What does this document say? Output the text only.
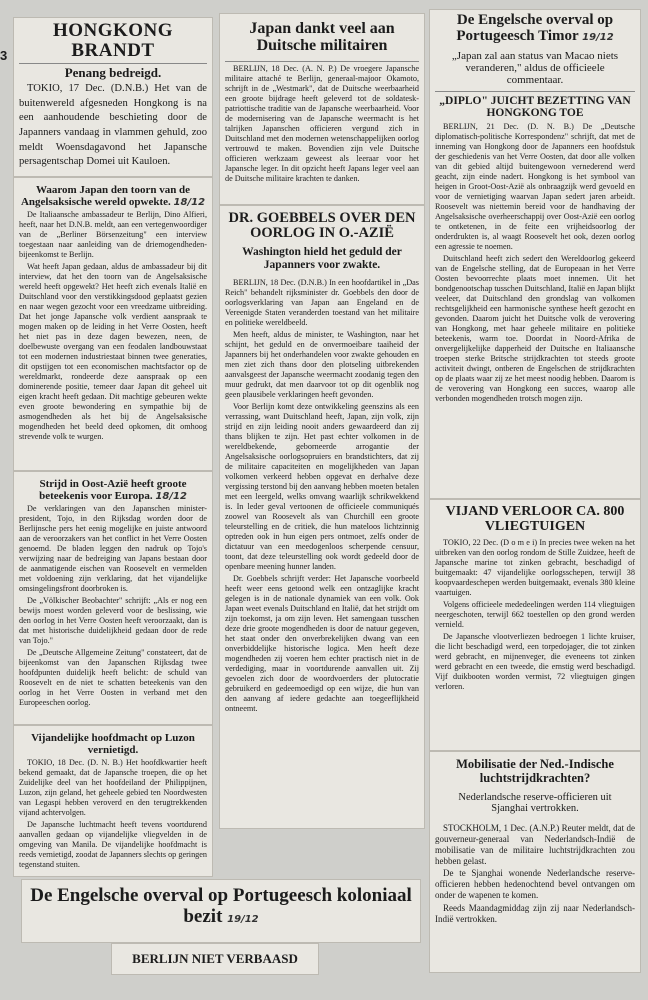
3
HONGKONG BRANDT
Penang bedreigd.

TOKIO, 17 Dec. (D.N.B.) Het van de buitenwereld afgesneden Hongkong is na een aanhoudende beschieting door de Japanners vandaag in vlammen gehuld, zoo meldt Woensdagavond het Japansche persagentschap Domei uit Kauloen.

Waarom Japan den toorn van de Angelsaksische wereld opwekte. 18/12

De Italiaansche ambassadeur te Berlijn, Dino Alfieri, heeft, naar het D.N.B. meldt, aan een vertegenwoordiger van de „Berliner Börsenzeitung" een interview toegestaan naar aanleiding van de driemogendheden-bijeenkomst te Berlijn.

Wat heeft Japan gedaan, aldus de ambassadeur bij dit interview, dat het den toorn van de Angelsaksische wereld heeft opgewekt? Het heeft zich evenals Italië en Duitschland voor den verstikkingsdood geplaatst gezien en naar wegen gezocht voor een vreedzame uitbreiding. Dat het jonge Japansche volk verdient aanspraak te mogen maken op de leiding in het Verre Oosten, heeft het niet pas in deze dagen bewezen, neen, de doelbewuste overgang van een feodalen landbouwstaat tot een modernen industriestaat binnen twee generaties, dit opstijgen tot een economischen machtsfactor op de wereldmarkt, rondeerde deze aanspraak op een dominerende positie, temeer daar Japan dit geheel uit eigen kracht heeft gedaan. Dit machtige gebeuren wekte even groote bewondering en sympathie bij de asmogendheden als het bij de Angelsaksische mogendheden het beeld deed opkomen, dit omhoog strevende volk te wurgen.

Strijd in Oost-Azië heeft groote beteekenis voor Europa. 18/12

De verklaringen van den Japanschen minister-president, Tojo, in den Rijksdag worden door de Berlijnsche pers het eenig mogelijke en juiste antwoord aan de veroorzakers van het conflict in het Verre Oosten genoemd. De bladen leggen den nadruk op Tojo's verwijzing naar de bedreiging van Japans bestaan door de aanmatigende eischen van Roosevelt en vermelden met voldoening zijn verklaring, dat het vijandelijke omsingelingsfront doorbroken is.

De „Völkischer Beobachter" schrijft: „Als er nog een bewijs moest worden geleverd voor de beslissing, wie den oorlog in het Verre Oosten heeft veroorzaakt, dan is dat met historische duidelijkheid gedaan door de rede van Tojo."

De „Deutsche Allgemeine Zeitung" constateert, dat de bijeenkomst van den Japanschen Rijksdag twee hoofdpunten duidelijk heeft belicht: de schuld van Roosevelt en de niet te schatten beteekenis van den oorlog in het Verre Oosten in verband met den Europeeschen oorlog.

Vijandelijke hoofdmacht op Luzon vernietigd.

TOKIO, 18 Dec. (D. N. B.) Het hoofdkwartier heeft bekend gemaakt, dat de Japansche troepen, die op het Zuidelijke deel van het hoofdeiland der Philippijnen, Luzon, zijn geland, het geheele gebied ten Noordwesten van Legaspi hebben veroverd en den terugtrekkenden vijand achtervolgen.

De Japansche luchtmacht heeft tevens voortdurend aanvallen gedaan op vijandelijke vliegvelden in de omgeving van Manila. De vijandelijke hoofdmacht is reeds vernietigd, zoodat de Japanners slechts op geringen tegenstand stuiten.

Japan dankt veel aan Duitsche militairen

BERLIJN, 18 Dec. (A. N. P.) De vroegere Japansche militaire attaché te Berlijn, generaal-majoor Okamoto, schrijft in de „Westmark", dat de Duitsche weerbaarheid een groote bijdrage heeft geleverd tot de soldatesk-patriottische traditie van de Japansche weerbaarheid. Voor de modernisering van de Japansche weermacht is het talrijken Japanschen officieren vergund zich in Duitschland met den modernen wetenschappelijken oorlog vertrouwd te maken. Bovendien zijn vele Duitsche officieren werkzaam geweest als leeraar voor het Japansche leger. In dit opzicht heeft Japans leger veel aan de Duitsche militaire krachten te danken.

DR. GOEBBELS OVER DEN OORLOG IN O.-AZIË
Washington hield het geduld der Japanners voor zwakte.

BERLIJN, 18 Dec. (D.N.B.) In een hoofdartikel in „Das Reich" behandelt rijksminister dr. Goebbels den door de oorlogsverklaring van Japan aan Engeland en de Vereenigde Staten veranderden toestand van het militaire en politieke wereldbeeld.

Men heeft, aldus de minister, te Washington, naar het schijnt, het geduld en de onvermoeibare taaiheid der Japanners bij het onderhandelen voor zwakte gehouden en men ziet zich thans door den plotseling uitbrekenden aanvalsgeest der Japansche weermacht zoodanig tegen den muur gedrukt, dat men daarvoor tot op dit ogenblik nog geen plausibele verklaringen heeft gevonden.

Voor Berlijn komt deze ontwikkeling geenszins als een verrassing, want Duitschland heeft, Japan, zijn volk, zijn strijd en zijn leiding nooit anders gewaardeerd dan zij thans blijken te zijn. Het past echter volkomen in de wereldbekende, geborneerde arrogantie der Angelsaksische oorlogsopruiers en brandstichters, dat zij de militaire capaciteiten en mogelijkheden van Japan volkomen verkeerd hebben opgevat en derhalve deze vergissing terstond bij den aanvang hebben moeten betalen met een leergeld, welks omvang waarlijk schrikwekkend is. In leder geval vertoonen de officieele communiqués zoowel van Roosevelt als van Churchill een groote teleurstelling en de critiek, die hun mateloos lichtzinnig optreden ook in hun eigen pers ontmoet, zelfs onder de dictatuur van een meedogenloos scherpende censuur, toont, dat deze teleurstelling ook wordt gedeeld door de openbare meening hunner landen.

Dr. Goebbels schrijft verder: Het Japansche voorbeeld heeft weer eens getoond welk een ontzaglijke kracht gelegen is in de nationale dynamiek van een volk. Ook Japan weet evenals Duitschland en Italië, dat het strijdt om zijn toekomst, ja om zijn leven. Het samengaan tusschen deze drie groote mogendheden is door de natuur gegeven, het staat onder den onverbrekelijken dwang van een onverbiddelijke historische logica. Men heeft deze mogendheden zij voeren hem echter practisch niet in de verdediging, maar in voortdurende aanvallen uit. Zij gevoelen zich door de woordvoerders der plutocratie gebruikerd en gedeemoedigd op een wijze, die hun van den aanvang af iedere gedachte aan toegeeflijkheid ontneemt.

De Engelsche overval op Portugeesch Timor 19/12
„Japan zal aan status van Macao niets veranderen," aldus de officieele commentaar.
„DIPLO" JUICHT BEZETTING VAN HONGKONG TOE

BERLIJN, 21 Dec. (D. N. B.) De „Deutsche diplomatisch-politische Korrespondenz" schrijft, dat met de inneming van Hongkong door de Japanners een hoofdstuk der geschiedenis van het Verre Oosten, dat door alle volken van dit gebied altijd buitengewoon vernederend werd geacht, zijn einde nadert. Hongkong is het symbool van heigen in Groot-Oost-Azië als onbraagzijk werd gevoeld en voor de vernietiging waarvan Japan sedert jaren arbeidt. Roosevelt was niettemin bereid voor de handhaving der Angelsaksische overheerschappij over Oost-Azië een oorlog te ontketenen, in de feite een vrijheidsoorlog der onderdrukten is, al waagt Roosevelt het ook, dezen oorlog een agressie te noemen.

Duitschland heeft zich sedert den Wereldoorlog gekeerd van de Engelsche stelling, dat de Europeaan in het Verre Oosten bevoorrechte plaats moet innemen. Uit het bondgenootschap tusschen Duitschland, Italië en Japan blijkt veeleer, dat Duitschland den grondslag van volkomen rechtsgelijkheid een harmonische synthese heeft gezocht en gevonden. Daarom juicht het Duitsche volk de verovering van Hongkong, met haar geheele militaire en politieke beteekenis, warm toe. Doordat in Noord-Afrika de onvergelijkelijke dapperheid der Duitsche en Italiaansche troepen sterke Britsche strijdkrachten tot steeds groote activiteit dwingt, ontberen de Engelschen de strijdkrachten op de plaats waar zij ze het meest noodig hebben. Daarom is de verovering van Hongkong een succes, waarop alle verbonden mogendheden trotsch mogen zijn.

VIJAND VERLOOR CA. 800 VLIEGTUIGEN

TOKIO, 22 Dec. (D o m e i) In precies twee weken na het uitbreken van den oorlog rondom de Stille Zuidzee, heeft de Japansche marine tot zinken gebracht, beschadigd of buitgemaakt: 47 vijandelijke oorlogsschepen, terwijl 38 koopvaardeschepen werden buitgemaakt, evenals 380 kleine vaartuigen.

Volgens officieele mededeelingen werden 114 vliegtuigen neergeschoten, terwijl 662 toestellen op den grond werden vernield.

De Japansche vlootverliezen bedroegen 1 lichte kruiser, die licht beschadigd werd, een torpedojager, die tot zinken werd gebracht, en mijnenveger, die eveneens tot zinken werd gebracht en een tweede, die ernstig werd beschadigd. Vijf duikbooten worden vermist, 72 vliegtuigen gingen verloren.

Mobilisatie der Ned.-Indische luchtstrijdkrachten?
Nederlandsche reserve-officieren uit Sjanghai vertrokken.

STOCKHOLM, 1 Dec. (A.N.P.) Reuter meldt, dat de gouverneur-generaal van Nederlandsch-Indië de mobilisatie van de militaire luchtstrijdkrachten zou hebben gelast.

De te Sjanghai wonende Nederlandsche reserve-officieren hebben hedenochtend bevel ontvangen om onder de wapenen te komen.

Reeds Maandagmiddag zijn zij naar Nederlandsch-Indië vertrokken.

De Engelsche overval op Portugeesch koloniaal bezit 19/12
BERLIJN NIET VERBAASD
